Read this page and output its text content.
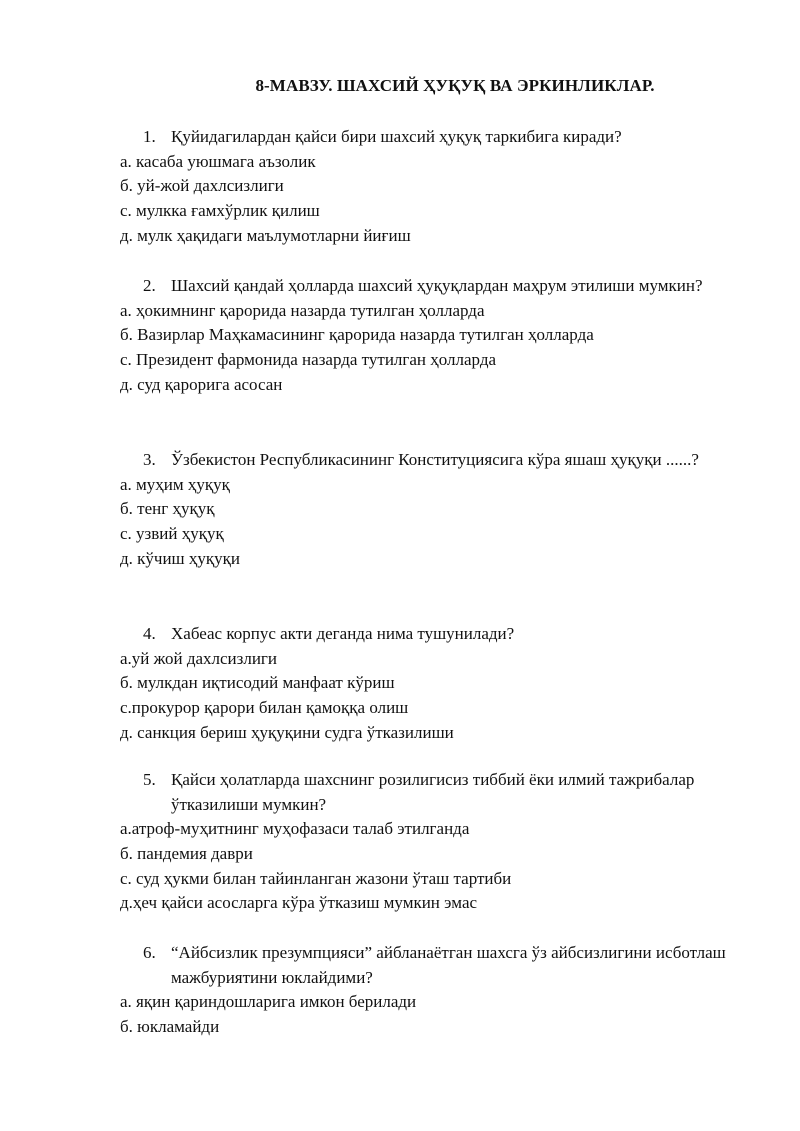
8-МАВЗУ. ШАХСИЙ ҲУҚУҚ ВА ЭРКИНЛИКЛАР.

1. Қуйидагилардан қайси бири шахсий ҳуқуқ таркибига киради?

а. касаба уюшмага аъзолик

б. уй-жой дахлсизлиги

с. мулкка ғамхўрлик қилиш

д. мулк ҳақидаги маълумотларни йиғиш

2. Шахсий қандай ҳолларда шахсий ҳуқуқлардан маҳрум этилиши мумкин?

а. ҳокимнинг қарорида назарда тутилган ҳолларда

б. Вазирлар Маҳкамасининг қарорида назарда тутилган ҳолларда

с. Президент фармонида назарда тутилган ҳолларда

д. суд қарорига асосан

3. Ўзбекистон Республикасининг Конституциясига кўра яшаш ҳуқуқи ......?

а. муҳим ҳуқуқ

б. тенг ҳуқуқ

с. узвий ҳуқуқ

д. кўчиш ҳуқуқи

4. Хабеас корпус акти деганда нима тушунилади?

а.уй жой дахлсизлиги

б. мулкдан иқтисодий манфаат кўриш

с.прокурор қарори билан қамоққа олиш

д. санкция бериш ҳуқуқини судга ўтказилиши

5. Қайси ҳолатларда шахснинг розилигисиз тиббий ёки илмий тажрибалар ўтказилиши мумкин?

а.атроф-муҳитнинг муҳофазаси талаб этилганда

б. пандемия даври

с. суд ҳукми билан тайинланган жазони ўташ тартиби

д.ҳеч қайси асосларга кўра ўтказиш мумкин эмас

6. “Айбсизлик презумпцияси” айбланаётган шахсга ўз айбсизлигини исботлаш мажбуриятини юклайдими?

а. яқин қариндошларига имкон берилади

б. юкламайди
